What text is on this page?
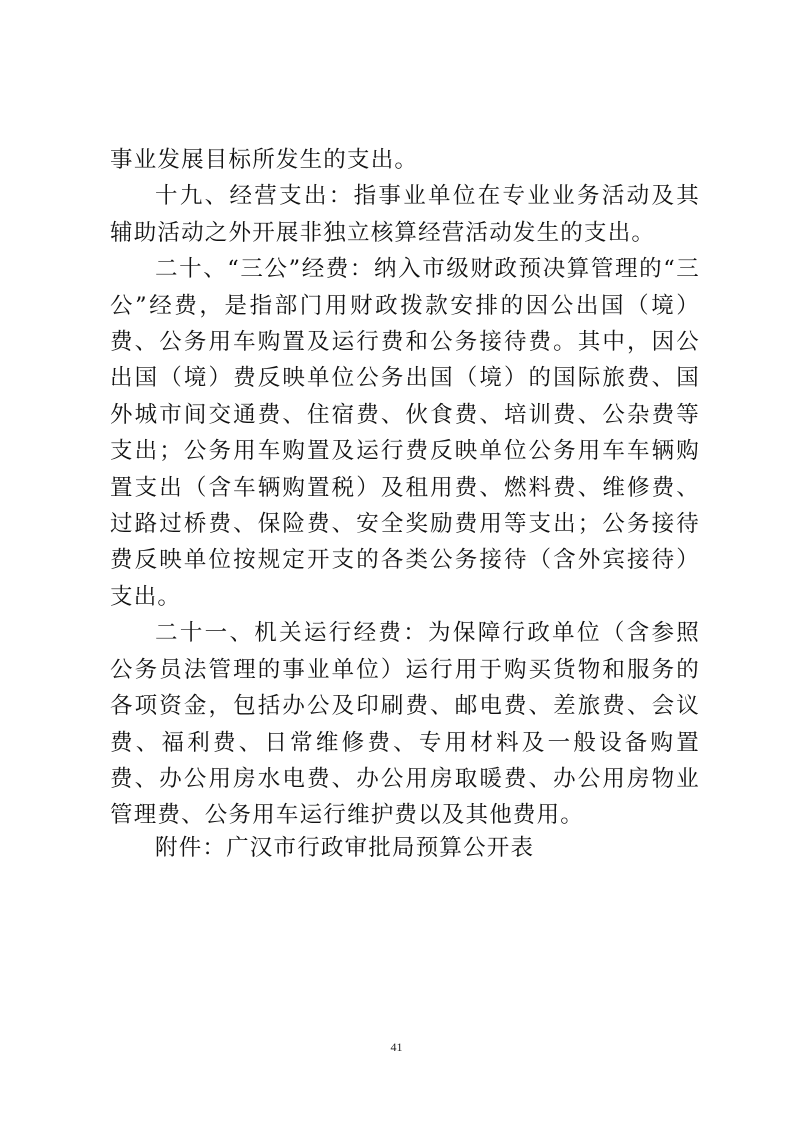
事业发展目标所发生的支出。

十九、经营支出：指事业单位在专业业务活动及其辅助活动之外开展非独立核算经营活动发生的支出。

二十、“三公”经费：纳入市级财政预决算管理的“三公”经费，是指部门用财政拨款安排的因公出国（境）费、公务用车购置及运行费和公务接待费。其中，因公出国（境）费反映单位公务出国（境）的国际旅费、国外城市间交通费、住宿费、伙食费、培训费、公杂费等支出；公务用车购置及运行费反映单位公务用车车辆购置支出（含车辆购置税）及租用费、燃料费、维修费、过路过桥费、保险费、安全奖励费用等支出；公务接待费反映单位按规定开支的各类公务接待（含外宾接待）支出。

二十一、机关运行经费：为保障行政单位（含参照公务员法管理的事业单位）运行用于购买货物和服务的各项资金，包括办公及印刷费、邮电费、差旅费、会议费、福利费、日常维修费、专用材料及一般设备购置费、办公用房水电费、办公用房取暖费、办公用房物业管理费、公务用车运行维护费以及其他费用。

附件：广汉市行政审批局预算公开表
41
